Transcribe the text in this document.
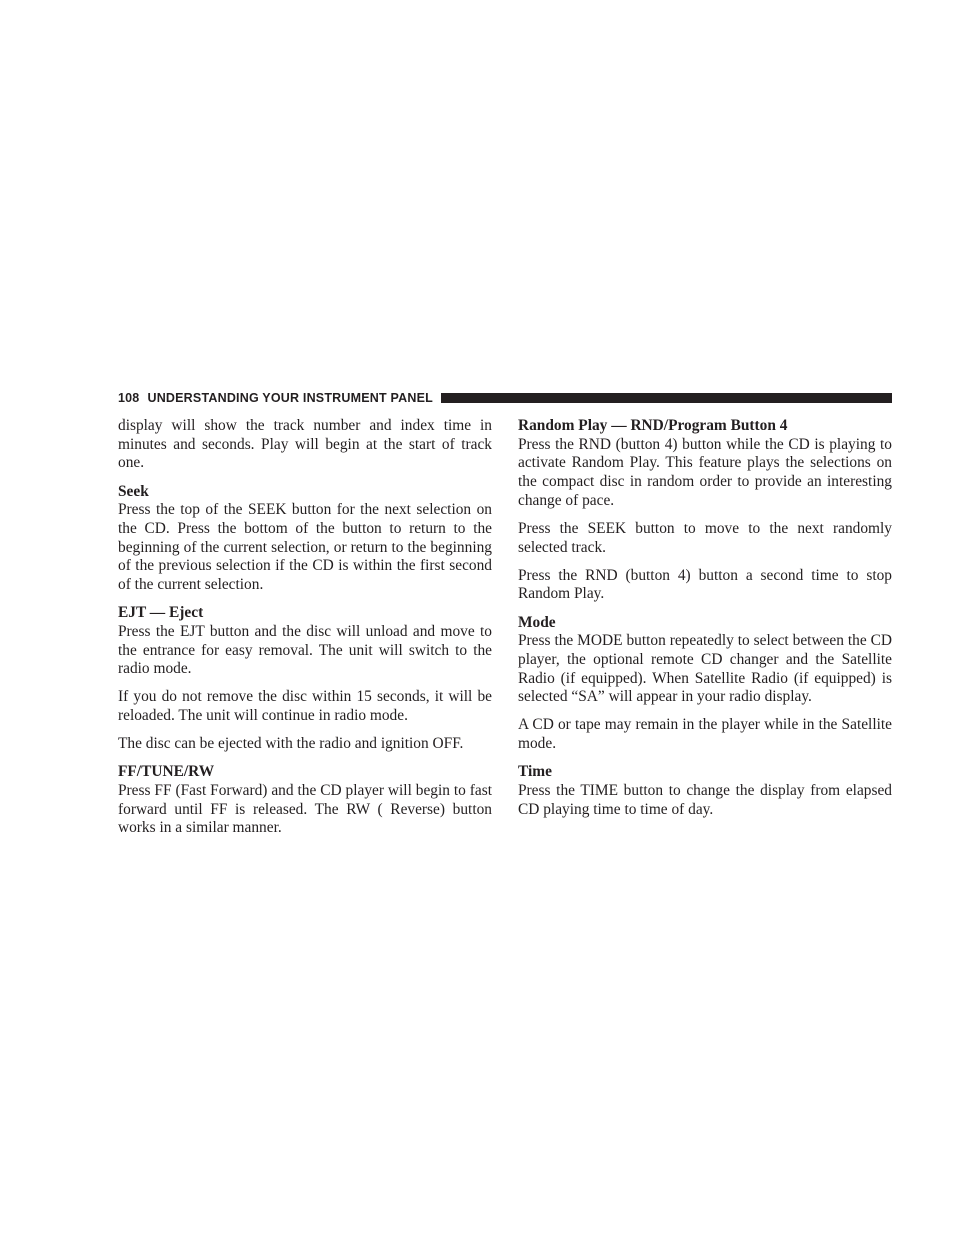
108 UNDERSTANDING YOUR INSTRUMENT PANEL

display will show the track number and index time in minutes and seconds. Play will begin at the start of track one.

Seek

Press the top of the SEEK button for the next selection on the CD. Press the bottom of the button to return to the beginning of the current selection, or return to the beginning of the previous selection if the CD is within the first second of the current selection.

EJT — Eject

Press the EJT button and the disc will unload and move to the entrance for easy removal. The unit will switch to the radio mode.

If you do not remove the disc within 15 seconds, it will be reloaded. The unit will continue in radio mode.

The disc can be ejected with the radio and ignition OFF.

FF/TUNE/RW

Press FF (Fast Forward) and the CD player will begin to fast forward until FF is released. The RW ( Reverse) button works in a similar manner.

Random Play — RND/Program Button 4

Press the RND (button 4) button while the CD is playing to activate Random Play. This feature plays the selections on the compact disc in random order to provide an interesting change of pace.

Press the SEEK button to move to the next randomly selected track.

Press the RND (button 4) button a second time to stop Random Play.

Mode

Press the MODE button repeatedly to select between the CD player, the optional remote CD changer and the Satellite Radio (if equipped). When Satellite Radio (if equipped) is selected “SA” will appear in your radio display.

A CD or tape may remain in the player while in the Satellite mode.

Time

Press the TIME button to change the display from elapsed CD playing time to time of day.
